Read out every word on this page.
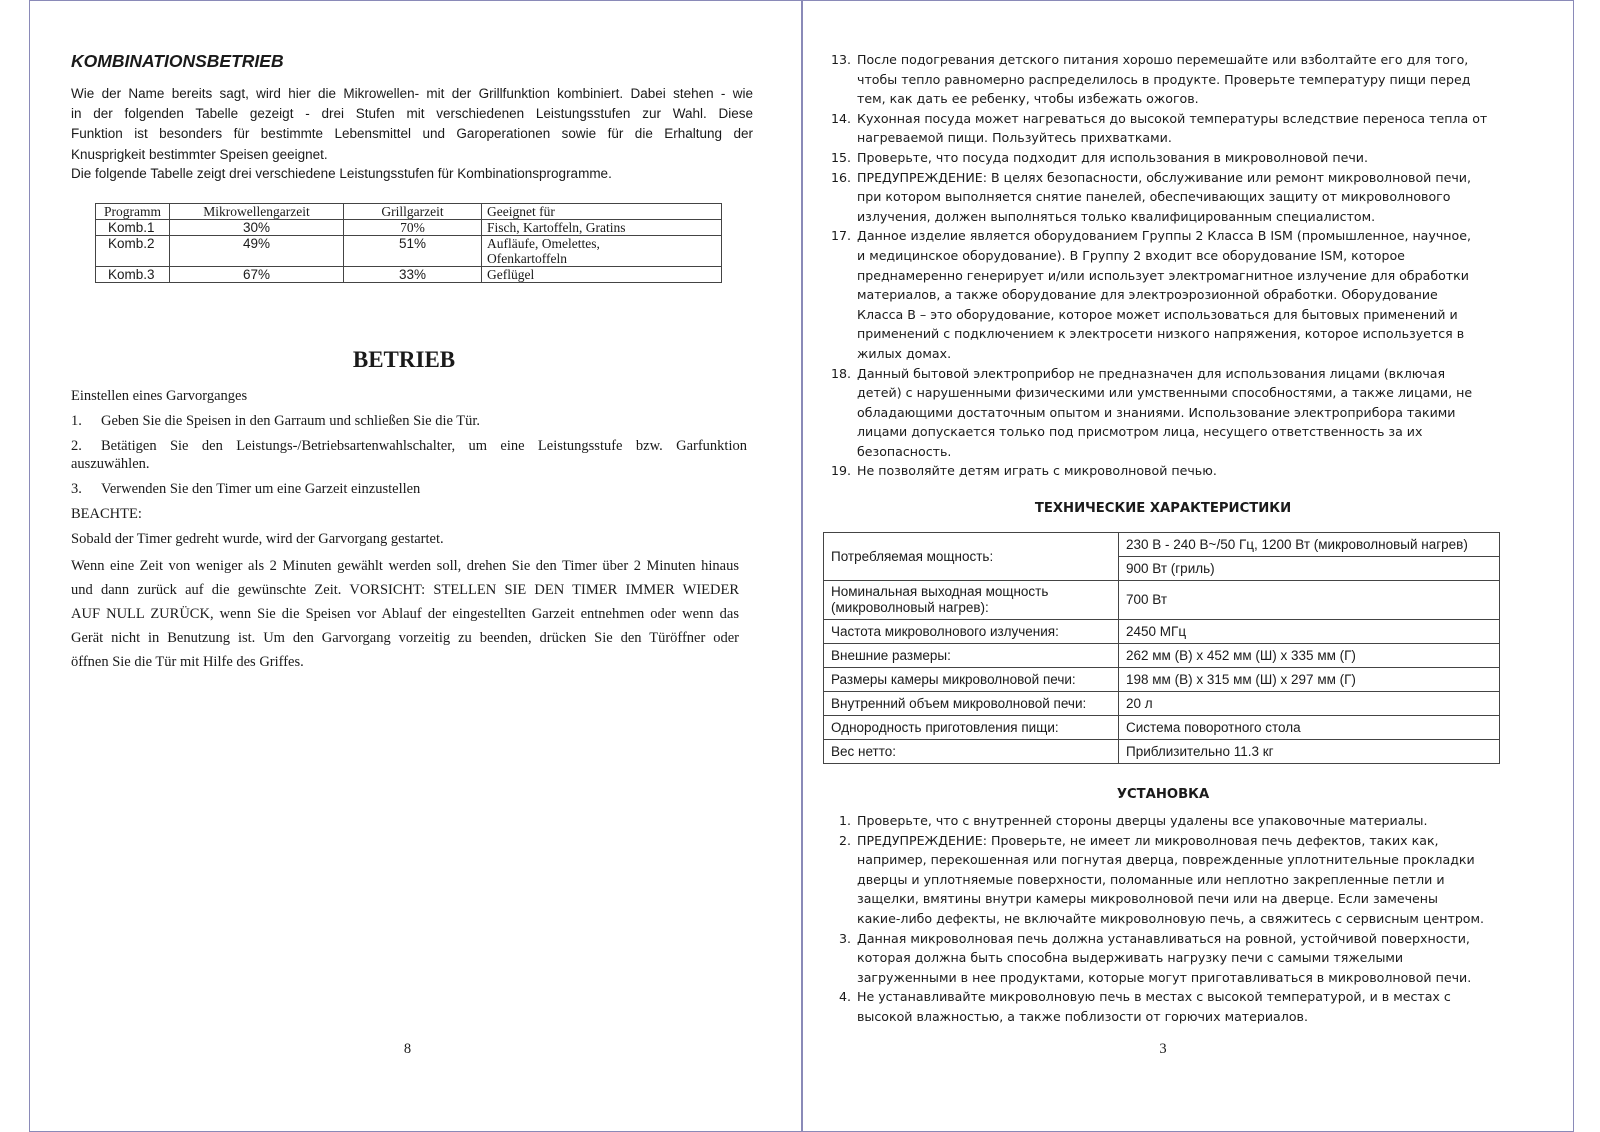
KOMBINATIONSBETRIEB
Wie der Name bereits sagt, wird hier die Mikrowellen- mit der Grillfunktion kombiniert. Dabei stehen - wie
in der folgenden Tabelle gezeigt - drei Stufen mit verschiedenen Leistungsstufen zur Wahl. Diese
Funktion ist besonders für bestimmte Lebensmittel und Garoperationen sowie für die Erhaltung der
Knusprigkeit bestimmter Speisen geeignet.
Die folgende Tabelle zeigt drei verschiedene Leistungsstufen für Kombinationsprogramme.
Programm	Mikrowellengarzeit	Grillgarzeit	Geeignet für
Komb.1	30%	70%	Fisch, Kartoffeln, Gratins
Komb.2	49%	51%	Aufläufe, Omelettes,
Ofenkartoffeln

Komb.3	67%	33%	Geflügel
BETRIEB
Einstellen eines Garvorganges
1. Geben Sie die Speisen in den Garraum und schließen Sie die Tür.
2. Betätigen Sie den Leistungs-/Betriebsartenwahlschalter, um eine Leistungsstufe bzw. Garfunktion auszuwählen.
3. Verwenden Sie den Timer um eine Garzeit einzustellen
BEACHTE:
Sobald der Timer gedreht wurde, wird der Garvorgang gestartet.
Wenn eine Zeit von weniger als 2 Minuten gewählt werden soll, drehen Sie den Timer über 2 Minuten hinaus
und dann zurück auf die gewünschte Zeit. VORSICHT: STELLEN SIE DEN TIMER IMMER WIEDER
AUF NULL ZURÜCK, wenn Sie die Speisen vor Ablauf der eingestellten Garzeit entnehmen oder wenn das
Gerät nicht in Benutzung ist. Um den Garvorgang vorzeitig zu beenden, drücken Sie den Türöffner oder
öffnen Sie die Tür mit Hilfe des Griffes.
8
13. После подогревания детского питания хорошо перемешайте или взболтайте его для того,
чтобы тепло равномерно распределилось в продукте. Проверьте температуру пищи перед
тем, как дать ее ребенку, чтобы избежать ожогов.
14. Кухонная посуда может нагреваться до высокой температуры вследствие переноса тепла от
нагреваемой пищи. Пользуйтесь прихватками.
15. Проверьте, что посуда подходит для использования в микроволновой печи.
16. ПРЕДУПРЕЖДЕНИЕ: В целях безопасности, обслуживание или ремонт микроволновой печи,
при котором выполняется снятие панелей, обеспечивающих защиту от микроволнового
излучения, должен выполняться только квалифицированным специалистом.
17. Данное изделие является оборудованием Группы 2 Класса В ISM (промышленное, научное,
и медицинское оборудование). В Группу 2 входит все оборудование ISM, которое
преднамеренно генерирует и/или использует электромагнитное излучение для обработки
материалов, а также оборудование для электроэрозионной обработки. Оборудование
Класса В – это оборудование, которое может использоваться для бытовых применений и
применений с подключением к электросети низкого напряжения, которое используется в
жилых домах.
18. Данный бытовой электроприбор не предназначен для использования лицами (включая
детей) с нарушенными физическими или умственными способностями, а также лицами, не
обладающими достаточным опытом и знаниями. Использование электроприбора такими
лицами допускается только под присмотром лица, несущего ответственность за их
безопасность.
19. Не позволяйте детям играть с микроволновой печью.
ТЕХНИЧЕСКИЕ ХАРАКТЕРИСТИКИ
Потребляемая мощность:	230 В - 240 В~/50 Гц, 1200 Вт (микроволновый нагрев)
	900 Вт (гриль)

Номинальная выходная мощность
(микроволновый нагрев):	700 Вт
Частота микроволнового излучения:	2450 МГц
Внешние размеры:	262 мм (В) x 452 мм (Ш) x 335 мм (Г)
Размеры камеры микроволновой печи:	198 мм (В) x 315 мм (Ш) x 297 мм (Г)
Внутренний объем микроволновой печи:	20 л
Однородность приготовления пищи:	Система поворотного стола
Вес нетто:	Приблизительно 11.3 кг
УСТАНОВКА
1. Проверьте, что с внутренней стороны дверцы удалены все упаковочные материалы.
2. ПРЕДУПРЕЖДЕНИЕ: Проверьте, не имеет ли микроволновая печь дефектов, таких как,
например, перекошенная или погнутая дверца, поврежденные уплотнительные прокладки
дверцы и уплотняемые поверхности, поломанные или неплотно закрепленные петли и
защелки, вмятины внутри камеры микроволновой печи или на дверце. Если замечены
какие-либо дефекты, не включайте микроволновую печь, а свяжитесь с сервисным центром.
3. Данная микроволновая печь должна устанавливаться на ровной, устойчивой поверхности,
которая должна быть способна выдерживать нагрузку печи с самыми тяжелыми
загруженными в нее продуктами, которые могут приготавливаться в микроволновой печи.
4. Не устанавливайте микроволновую печь в местах с высокой температурой, и в местах с
высокой влажностью, а также поблизости от горючих материалов.
3
